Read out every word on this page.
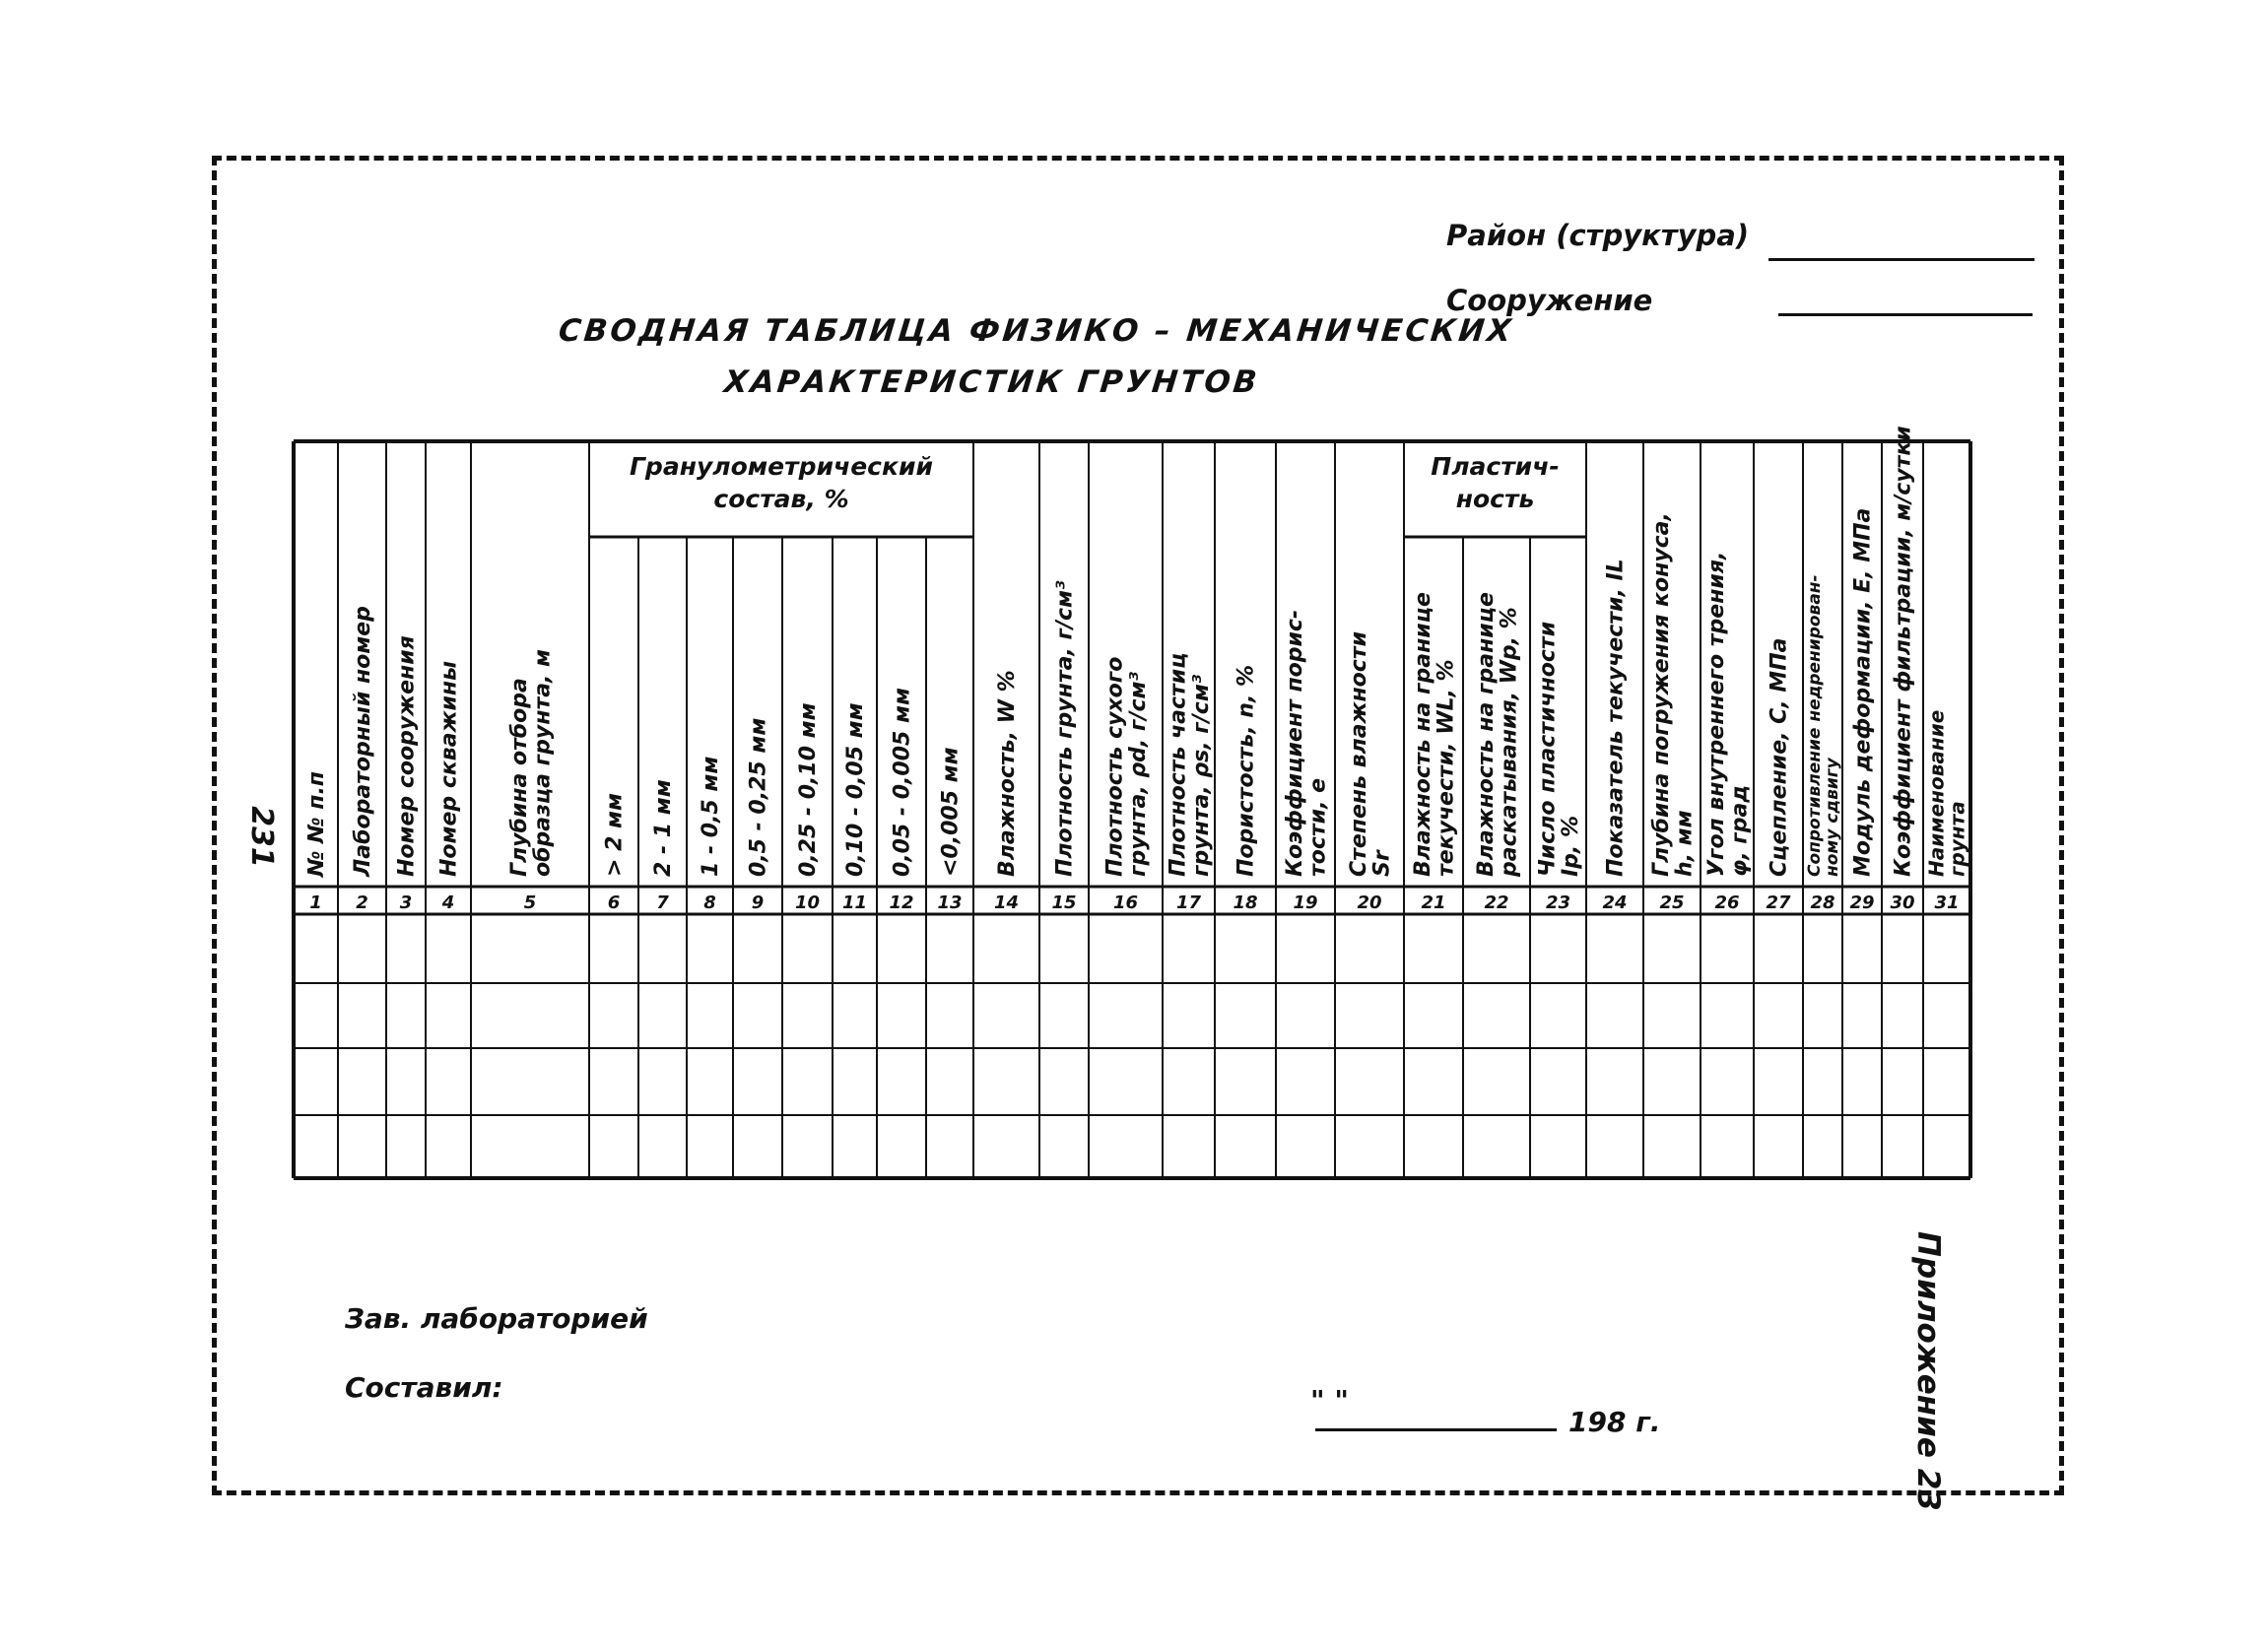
231
Район (структура)
Сооружение
СВОДНАЯ ТАБЛИЦА ФИЗИКО – МЕХАНИЧЕСКИХ
ХАРАКТЕРИСТИК ГРУНТОВ
Гранулометрический
состав, %
Пластич-
ность
№ № п.п
1
Лабораторный номер
2
Номер сооружения
3
Номер скважины
4
Глубина отбора
образца грунта, м
5
> 2 мм
6
2 - 1 мм
7
1 - 0,5 мм
8
0,5 - 0,25 мм
9
0,25 - 0,10 мм
10
0,10 - 0,05 мм
11
0,05 - 0,005 мм
12
<0,005 мм
13
Влажность, W %
14
Плотность грунта, г/см³
15
Плотность сухого
грунта, ρd, г/см³
16
Плотность частиц
грунта, ρs, г/см³
17
Пористость, n, %
18
Коэффициент порис-
тости, e
19
Степень влажности
Sr
20
Влажность на границе
текучести, WL, %
21
Влажность на границе
раскатывания, Wp, %
22
Число пластичности
Ip, %
23
Показатель текучести, IL
24
Глубина погружения конуса,
h, мм
25
Угол внутреннего трения,
φ, град
26
Сцепление, C, МПа
27
Сопротивление недренирован-
ному сдвигу
28
Модуль деформации, E, МПа
29
Коэффициент фильтрации, м/сутки
30
Наименование
грунта
31
Зав. лабораторией
Составил:	" "
198 г.	Приложение 23
